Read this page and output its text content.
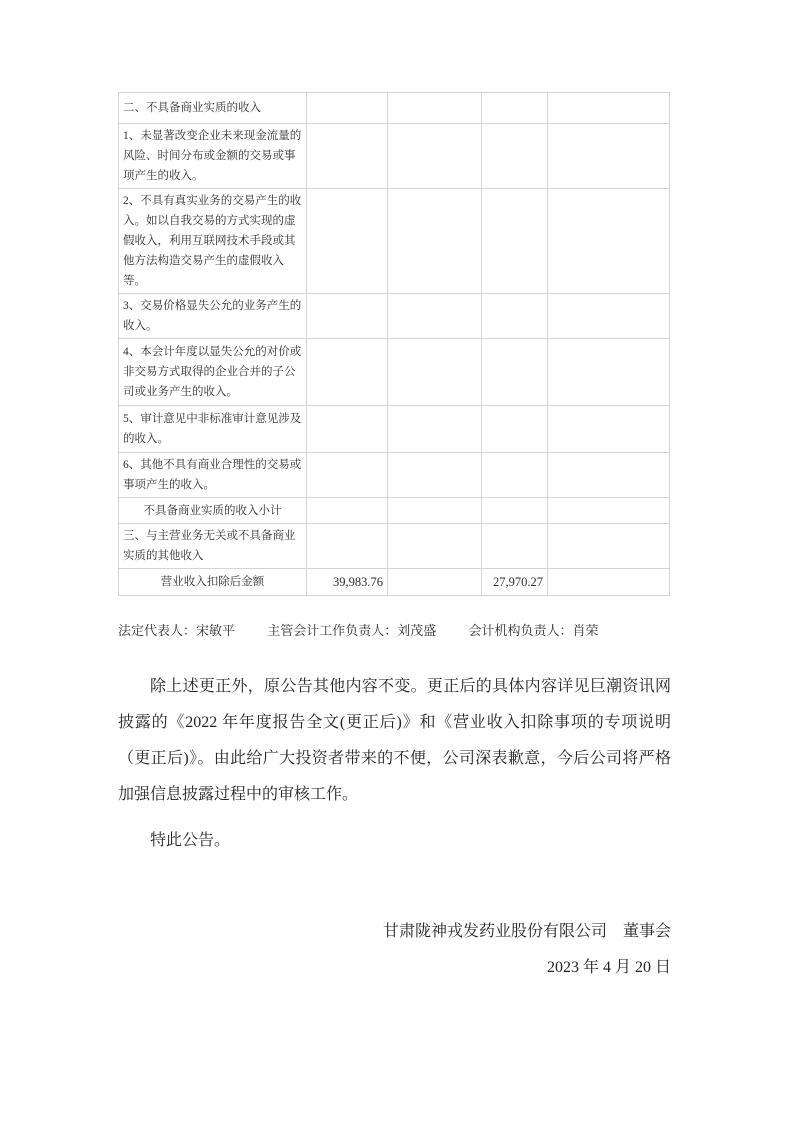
二、不具备商业实质的收入				
1、未显著改变企业未来现金流量的风险、时间分布或金额的交易或事项产生的收入。				
2、不具有真实业务的交易产生的收入。如以自我交易的方式实现的虚假收入，利用互联网技术手段或其他方法构造交易产生的虚假收入等。				
3、交易价格显失公允的业务产生的收入。				
4、本会计年度以显失公允的对价或非交易方式取得的企业合并的子公司或业务产生的收入。				
5、审计意见中非标准审计意见涉及的收入。				
6、其他不具有商业合理性的交易或事项产生的收入。				
不具备商业实质的收入小计				
三、与主营业务无关或不具备商业实质的其他收入				
营业收入扣除后金额	39,983.76		27,970.27	
法定代表人：宋敏平 主管会计工作负责人：刘茂盛 会计机构负责人：肖荣
除上述更正外，原公告其他内容不变。更正后的具体内容详见巨潮资讯网披露的《2022 年年度报告全文(更正后)》和《营业收入扣除事项的专项说明（更正后)》。由此给广大投资者带来的不便，公司深表歉意，今后公司将严格加强信息披露过程中的审核工作。
特此公告。
甘肃陇神戎发药业股份有限公司　董事会
2023 年 4 月 20 日
